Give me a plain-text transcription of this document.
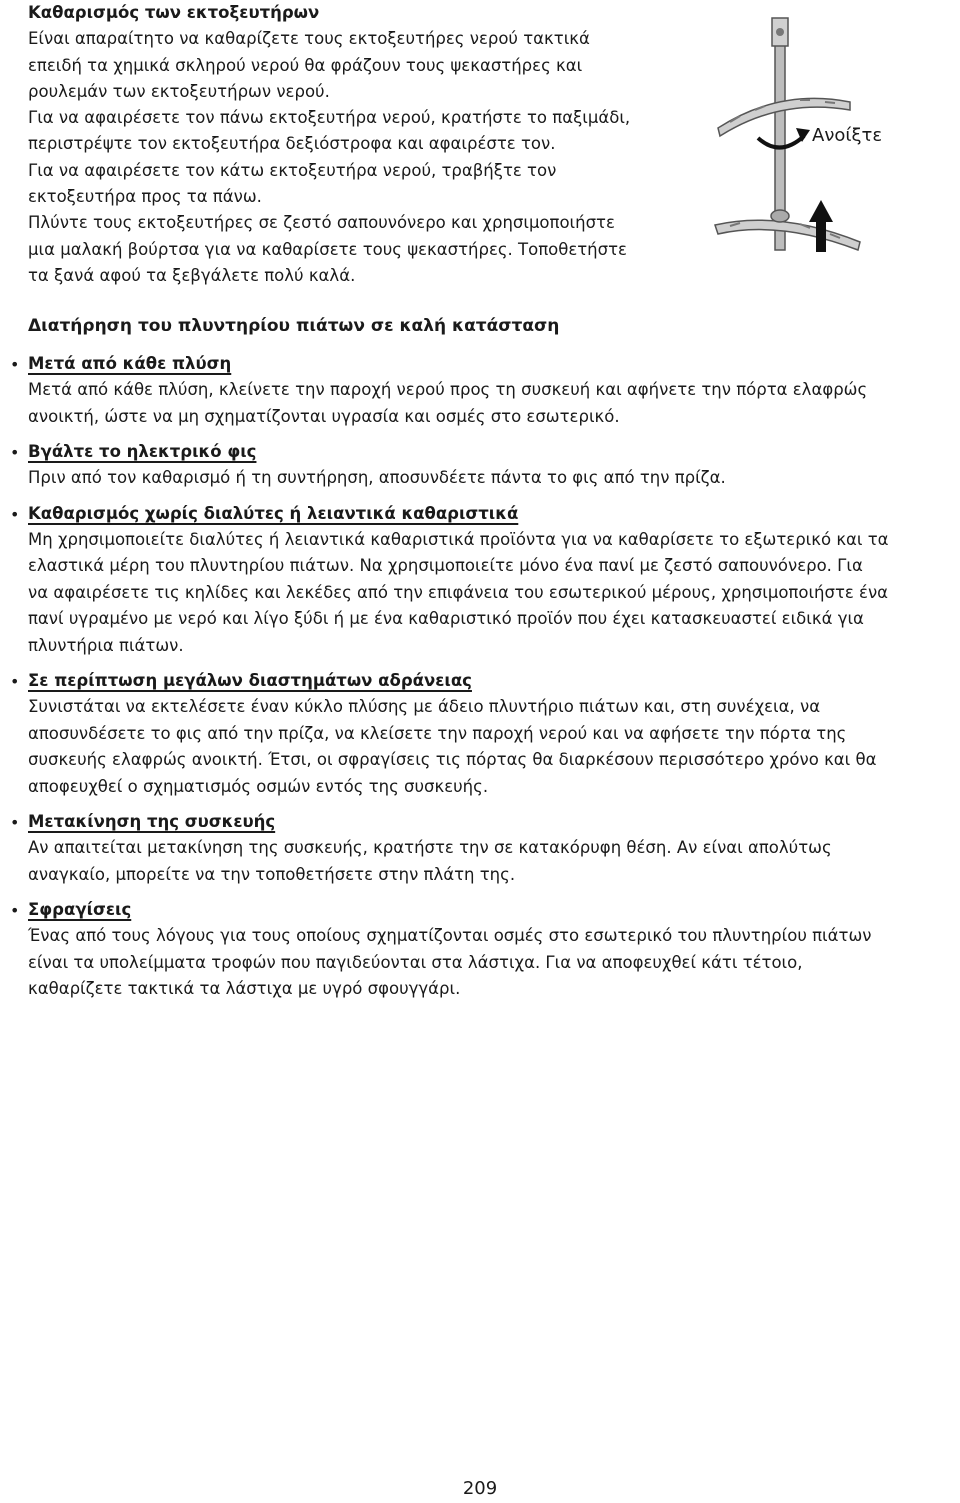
Καθαρισμός των εκτοξευτήρων
Είναι απαραίτητο να καθαρίζετε τους εκτοξευτήρες νερού τακτικά
επειδή τα χημικά σκληρού νερού θα φράζουν τους ψεκαστήρες και
ρουλεμάν των εκτοξευτήρων νερού.
Για να αφαιρέσετε τον πάνω εκτοξευτήρα νερού, κρατήστε το παξιμάδι,
περιστρέψτε τον εκτοξευτήρα δεξιόστροφα και αφαιρέστε τον.
Για να αφαιρέσετε τον κάτω εκτοξευτήρα νερού, τραβήξτε τον
εκτοξευτήρα προς τα πάνω.
Πλύντε τους εκτοξευτήρες σε ζεστό σαπουνόνερο και χρησιμοποιήστε
μια μαλακή βούρτσα για να καθαρίσετε τους ψεκαστήρες. Τοποθετήστε
τα ξανά αφού τα ξεβγάλετε πολύ καλά.
Ανοίξτε
Διατήρηση του πλυντηρίου πιάτων σε καλή κατάσταση
• Μετά από κάθε πλύση
Μετά από κάθε πλύση, κλείνετε την παροχή νερού προς τη συσκευή και αφήνετε την πόρτα ελαφρώς
ανοικτή, ώστε να μη σχηματίζονται υγρασία και οσμές στο εσωτερικό.
• Βγάλτε το ηλεκτρικό φις
Πριν από τον καθαρισμό ή τη συντήρηση, αποσυνδέετε πάντα το φις από την πρίζα.
• Καθαρισμός χωρίς διαλύτες ή λειαντικά καθαριστικά
Μη χρησιμοποιείτε διαλύτες ή λειαντικά καθαριστικά προϊόντα για να καθαρίσετε το εξωτερικό και τα
ελαστικά μέρη του πλυντηρίου πιάτων. Να χρησιμοποιείτε μόνο ένα πανί με ζεστό σαπουνόνερο. Για
να αφαιρέσετε τις κηλίδες και λεκέδες από την επιφάνεια του εσωτερικού μέρους, χρησιμοποιήστε ένα
πανί υγραμένο με νερό και λίγο ξύδι ή με ένα καθαριστικό προϊόν που έχει κατασκευαστεί ειδικά για
πλυντήρια πιάτων.
• Σε περίπτωση μεγάλων διαστημάτων αδράνειας
Συνιστάται να εκτελέσετε έναν κύκλο πλύσης με άδειο πλυντήριο πιάτων και, στη συνέχεια, να
αποσυνδέσετε το φις από την πρίζα, να κλείσετε την παροχή νερού και να αφήσετε την πόρτα της
συσκευής ελαφρώς ανοικτή. Έτσι, οι σφραγίσεις τις πόρτας θα διαρκέσουν περισσότερο χρόνο και θα
αποφευχθεί ο σχηματισμός οσμών εντός της συσκευής.
• Μετακίνηση της συσκευής
Αν απαιτείται μετακίνηση της συσκευής, κρατήστε την σε κατακόρυφη θέση. Αν είναι απολύτως
αναγκαίο, μπορείτε να την τοποθετήσετε στην πλάτη της.
• Σφραγίσεις
Ένας από τους λόγους για τους οποίους σχηματίζονται οσμές στο εσωτερικό του πλυντηρίου πιάτων
είναι τα υπολείμματα τροφών που παγιδεύονται στα λάστιχα. Για να αποφευχθεί κάτι τέτοιο,
καθαρίζετε τακτικά τα λάστιχα με υγρό σφουγγάρι.
209
